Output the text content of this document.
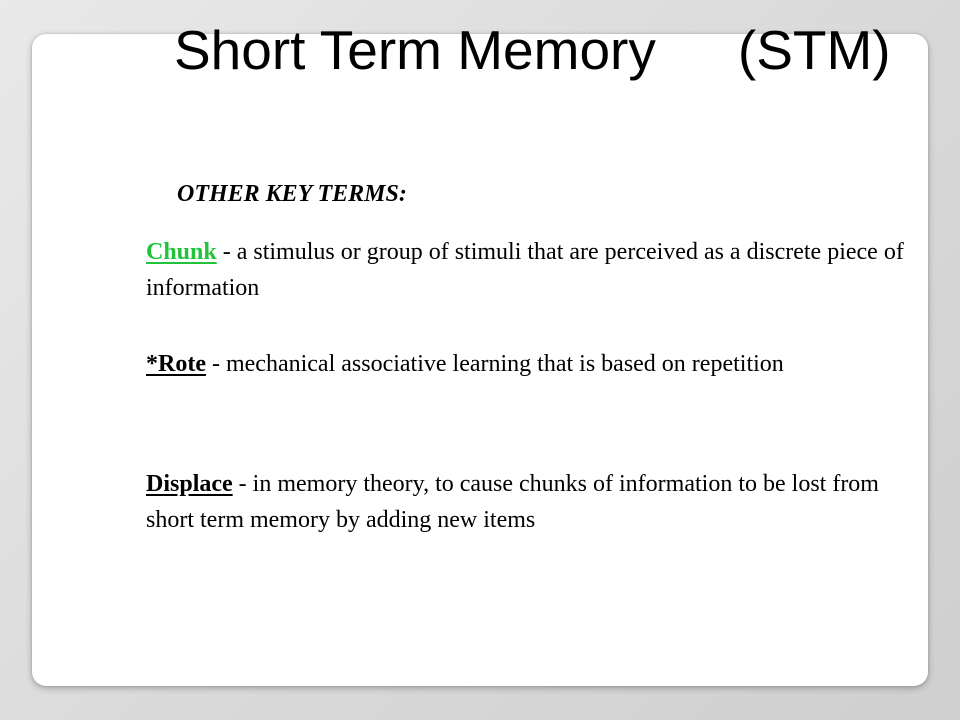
Short Term Memory (STM)
OTHER KEY TERMS:

Chunk - a stimulus or group of stimuli that are perceived as a discrete piece of information

*Rote - mechanical associative learning that is based on repetition

Displace - in memory theory, to cause chunks of information to be lost from short term memory by adding new items
